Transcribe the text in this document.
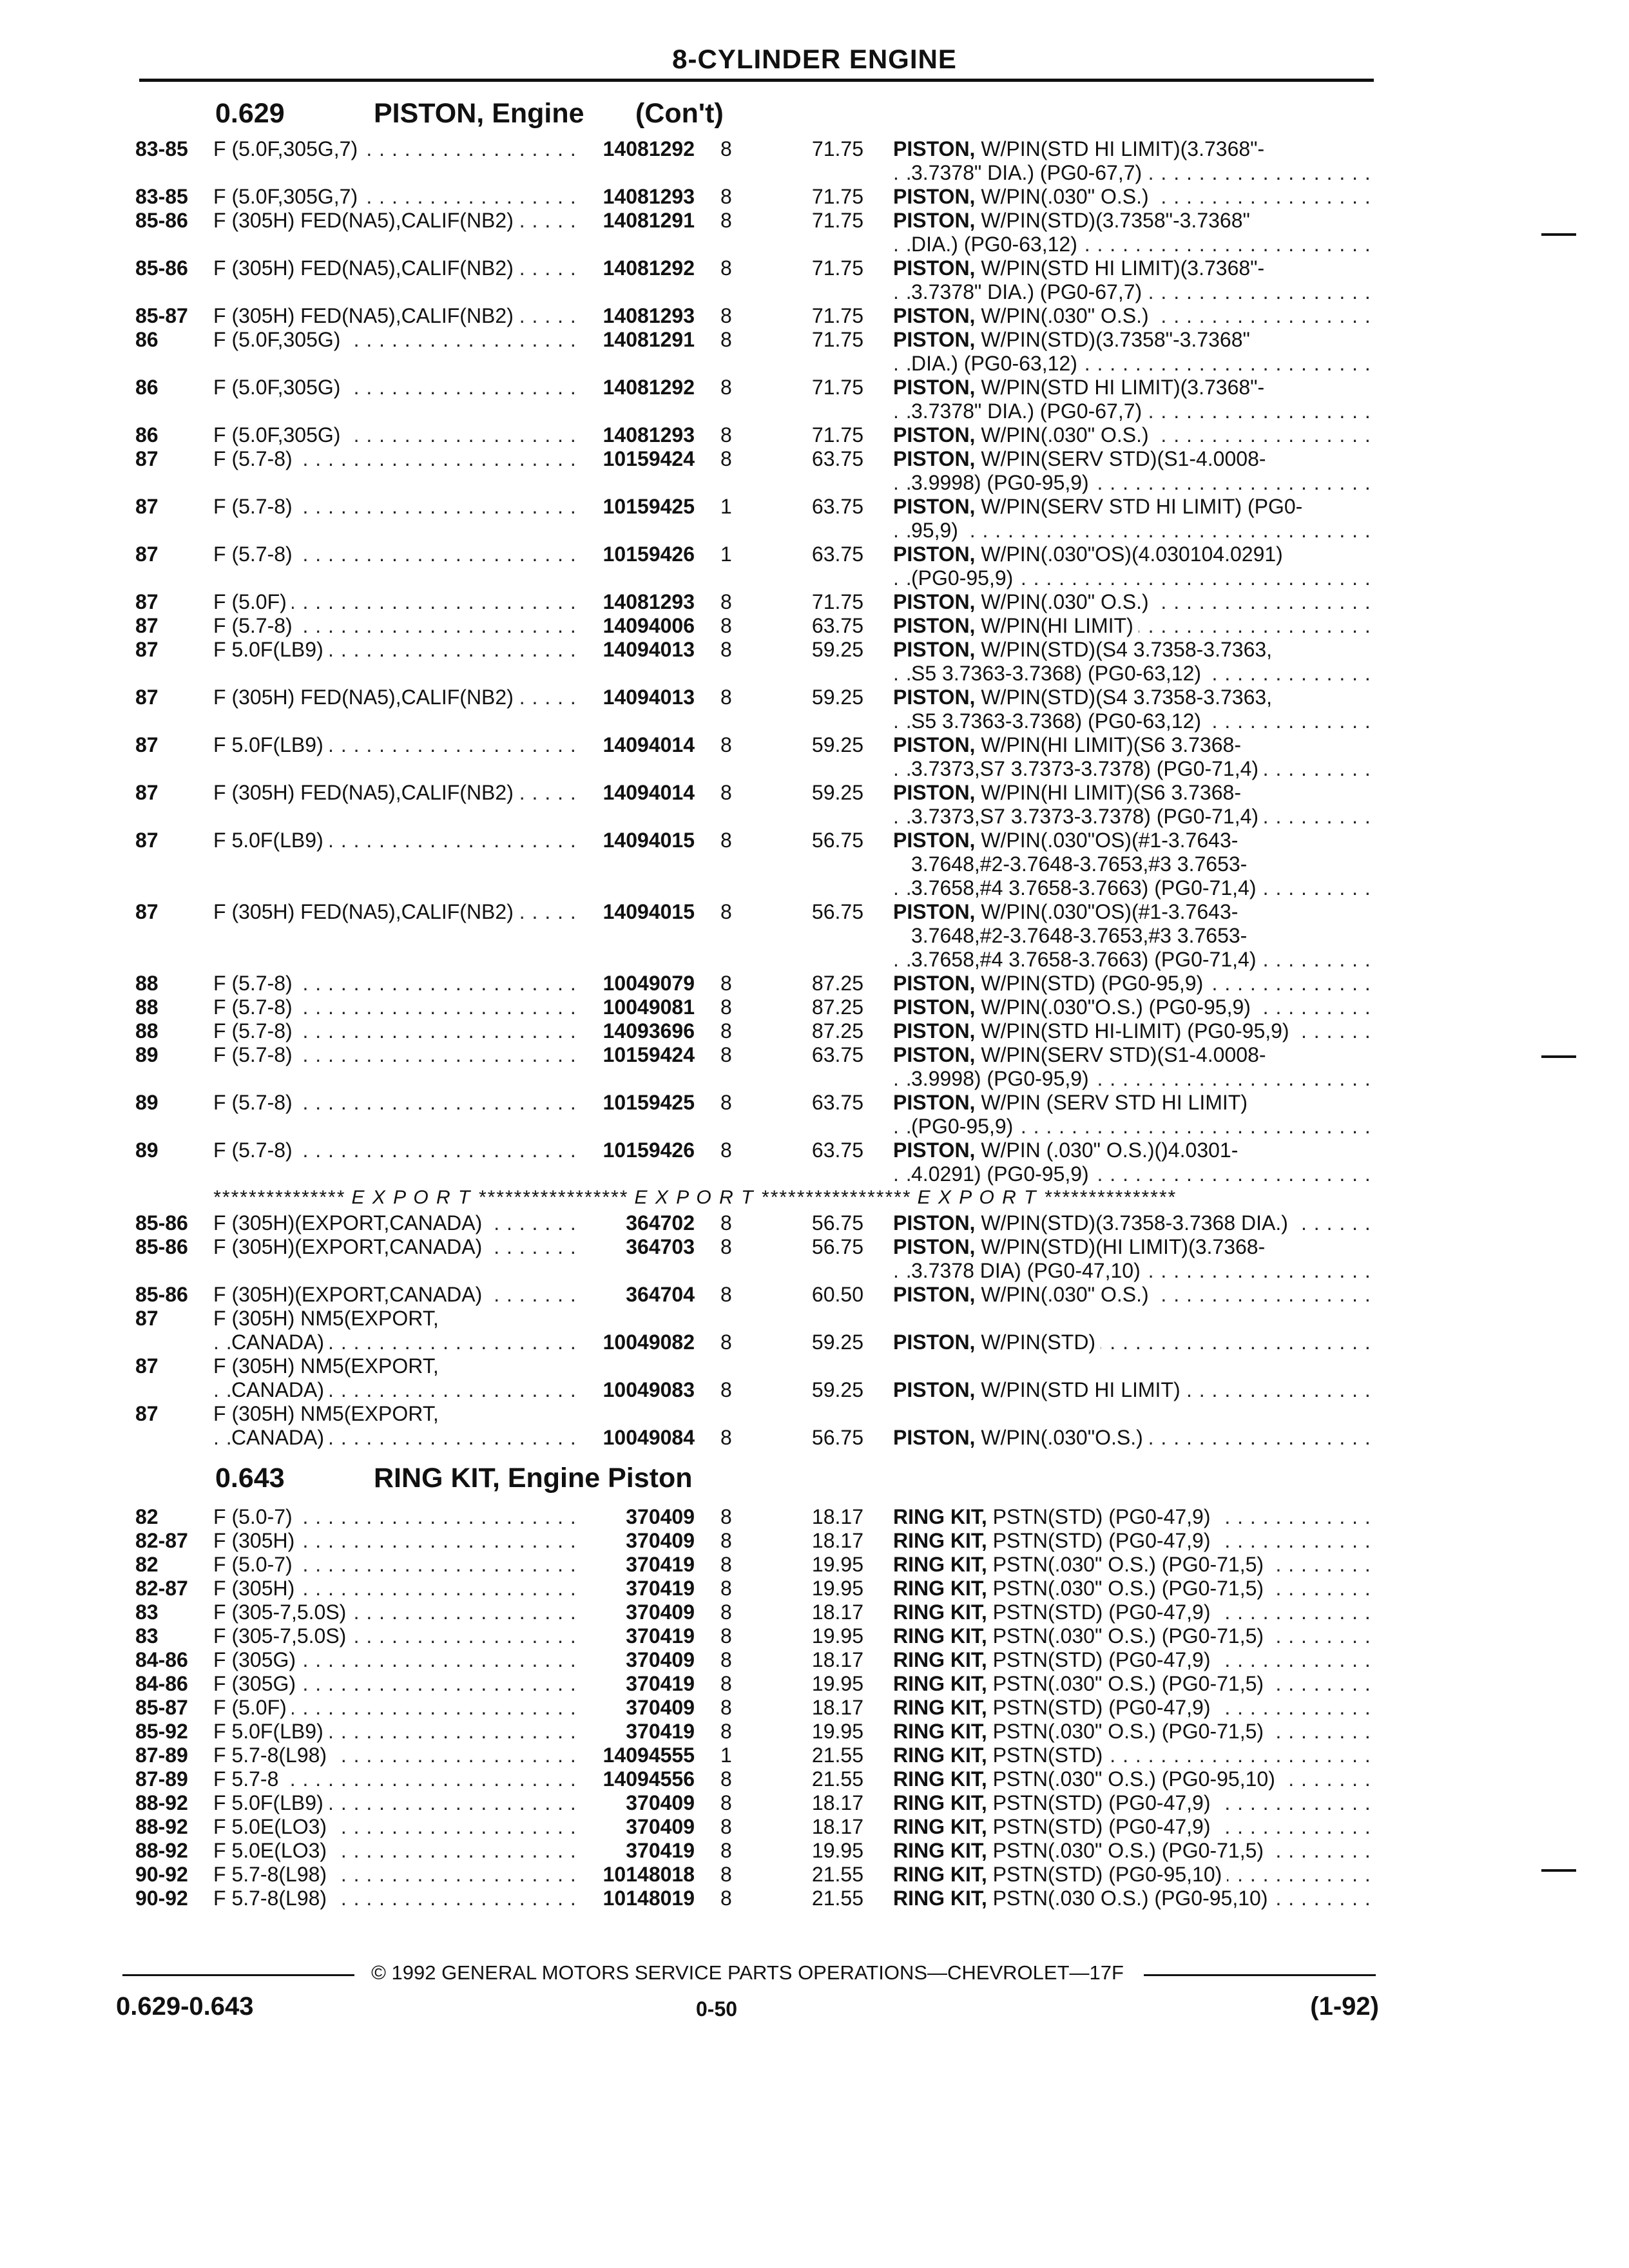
8-CYLINDER ENGINE
0.629	PISTON, Engine (Con't)
83-85	F (5.0F,305G,7) . . .	14081292 8	71.75 PISTON, W/PIN(STD HI LIMIT)(3.7368"-
3.7378" DIA.) (PG0-67,7) . . .
83-85	F (5.0F,305G,7) . . .	14081293 8	71.75 PISTON, W/PIN(.030" O.S.) . . .
85-86	F (305H) FED(NA5),CALIF(NB2) . . .	14081291 8	71.75 PISTON, W/PIN(STD)(3.7358"-3.7368"
DIA.) (PG0-63,12) . . .
85-86	F (305H) FED(NA5),CALIF(NB2) . . .	14081292 8	71.75 PISTON, W/PIN(STD HI LIMIT)(3.7368"-
3.7378" DIA.) (PG0-67,7) . . .
85-87	F (305H) FED(NA5),CALIF(NB2) . . .	14081293 8	71.75 PISTON, W/PIN(.030" O.S.) . . .
86	F (5.0F,305G) . . .	14081291 8	71.75 PISTON, W/PIN(STD)(3.7358"-3.7368"
DIA.) (PG0-63,12) . . .
86	F (5.0F,305G) . . .	14081292 8	71.75 PISTON, W/PIN(STD HI LIMIT)(3.7368"-
3.7378" DIA.) (PG0-67,7) . . .
86	F (5.0F,305G) . . .	14081293 8	71.75 PISTON, W/PIN(.030" O.S.) . . .
87	F (5.7-8) . . .	10159424 8	63.75 PISTON, W/PIN(SERV STD)(S1-4.0008-
3.9998) (PG0-95,9) . . .
87	F (5.7-8) . . .	10159425 1	63.75 PISTON, W/PIN(SERV STD HI LIMIT) (PG0-
95,9) . . .
87	F (5.7-8) . . .	10159426 1	63.75 PISTON, W/PIN(.030"OS)(4.030104.0291)
(PG0-95,9) . . .
87	F (5.0F) . . .	14081293 8	71.75 PISTON, W/PIN(.030" O.S.) . . .
87	F (5.7-8) . . .	14094006 8	63.75 PISTON, W/PIN(HI LIMIT) . . .
87	F 5.0F(LB9) . . .	14094013 8	59.25 PISTON, W/PIN(STD)(S4 3.7358-3.7363,
S5 3.7363-3.7368) (PG0-63,12) . . .
87	F (305H) FED(NA5),CALIF(NB2) . . .	14094013 8	59.25 PISTON, W/PIN(STD)(S4 3.7358-3.7363,
S5 3.7363-3.7368) (PG0-63,12) . . .
87	F 5.0F(LB9) . . .	14094014 8	59.25 PISTON, W/PIN(HI LIMIT)(S6 3.7368-
3.7373,S7 3.7373-3.7378) (PG0-71,4) . . .
87	F (305H) FED(NA5),CALIF(NB2) . . .	14094014 8	59.25 PISTON, W/PIN(HI LIMIT)(S6 3.7368-
3.7373,S7 3.7373-3.7378) (PG0-71,4) . . .
87	F 5.0F(LB9) . . .	14094015 8	56.75 PISTON, W/PIN(.030"OS)(#1-3.7643-
3.7648,#2-3.7648-3.7653,#3 3.7653-
3.7658,#4 3.7658-3.7663) (PG0-71,4) . . .
87	F (305H) FED(NA5),CALIF(NB2) . . .	14094015 8	56.75 PISTON, W/PIN(.030"OS)(#1-3.7643-
3.7648,#2-3.7648-3.7653,#3 3.7653-
3.7658,#4 3.7658-3.7663) (PG0-71,4) . . .
88	F (5.7-8) . . .	10049079 8	87.25 PISTON, W/PIN(STD) (PG0-95,9) . . .
88	F (5.7-8) . . .	10049081 8	87.25 PISTON, W/PIN(.030"O.S.) (PG0-95,9) . . .
88	F (5.7-8) . . .	14093696 8	87.25 PISTON, W/PIN(STD HI-LIMIT) (PG0-95,9) . . .
89	F (5.7-8) . . .	10159424 8	63.75 PISTON, W/PIN(SERV STD)(S1-4.0008-
3.9998) (PG0-95,9) . . .
89	F (5.7-8) . . .	10159425 8	63.75 PISTON, W/PIN (SERV STD HI LIMIT)
(PG0-95,9) . . .
89	F (5.7-8) . . .	10159426 8	63.75 PISTON, W/PIN (.030" O.S.)()4.0301-
4.0291) (PG0-95,9) . . .
*************** E X P O R T ***************** E X P O R T ***************** E X P O R T ***************
85-86	F (305H)(EXPORT,CANADA) . . .	364702 8	56.75 PISTON, W/PIN(STD)(3.7358-3.7368 DIA.) . . .
85-86	F (305H)(EXPORT,CANADA) . . .	364703 8	56.75 PISTON, W/PIN(STD)(HI LIMIT)(3.7368-
3.7378 DIA) (PG0-47,10) . . .
85-86	F (305H)(EXPORT,CANADA) . . .	364704 8	60.50 PISTON, W/PIN(.030" O.S.) . . .
87	F (305H) NM5(EXPORT,
CANADA) . . .	10049082 8	59.25 PISTON, W/PIN(STD) . . .
87	F (305H) NM5(EXPORT,
CANADA) . . .	10049083 8	59.25 PISTON, W/PIN(STD HI LIMIT) . . .
87	F (305H) NM5(EXPORT,
CANADA) . . .	10049084 8	56.75 PISTON, W/PIN(.030"O.S.) . . .
0.643	RING KIT, Engine Piston
82	F (5.0-7) . . .	370409 8	18.17 RING KIT, PSTN(STD) (PG0-47,9) . . .
82-87	F (305H) . . .	370409 8	18.17 RING KIT, PSTN(STD) (PG0-47,9) . . .
82	F (5.0-7) . . .	370419 8	19.95 RING KIT, PSTN(.030" O.S.) (PG0-71,5) . . .
82-87	F (305H) . . .	370419 8	19.95 RING KIT, PSTN(.030" O.S.) (PG0-71,5) . . .
83	F (305-7,5.0S) . . .	370409 8	18.17 RING KIT, PSTN(STD) (PG0-47,9) . . .
83	F (305-7,5.0S) . . .	370419 8	19.95 RING KIT, PSTN(.030" O.S.) (PG0-71,5) . . .
84-86	F (305G) . . .	370409 8	18.17 RING KIT, PSTN(STD) (PG0-47,9) . . .
84-86	F (305G) . . .	370419 8	19.95 RING KIT, PSTN(.030" O.S.) (PG0-71,5) . . .
85-87	F (5.0F) . . .	370409 8	18.17 RING KIT, PSTN(STD) (PG0-47,9) . . .
85-92	F 5.0F(LB9) . . .	370419 8	19.95 RING KIT, PSTN(.030" O.S.) (PG0-71,5) . . .
87-89	F 5.7-8(L98) . . .	14094555 1	21.55 RING KIT, PSTN(STD) . . .
87-89	F 5.7-8 . . .	14094556 8	21.55 RING KIT, PSTN(.030" O.S.) (PG0-95,10) . . .
88-92	F 5.0F(LB9) . . .	370409 8	18.17 RING KIT, PSTN(STD) (PG0-47,9) . . .
88-92	F 5.0E(LO3) . . .	370409 8	18.17 RING KIT, PSTN(STD) (PG0-47,9) . . .
88-92	F 5.0E(LO3) . . .	370419 8	19.95 RING KIT, PSTN(.030" O.S.) (PG0-71,5) . . .
90-92	F 5.7-8(L98) . . .	10148018 8	21.55 RING KIT, PSTN(STD) (PG0-95,10) . . .
90-92	F 5.7-8(L98) . . .	10148019 8	21.55 RING KIT, PSTN(.030 O.S.) (PG0-95,10) . . .
© 1992 GENERAL MOTORS SERVICE PARTS OPERATIONS—CHEVROLET—17F
0.629-0.643	0-50	(1-92)
